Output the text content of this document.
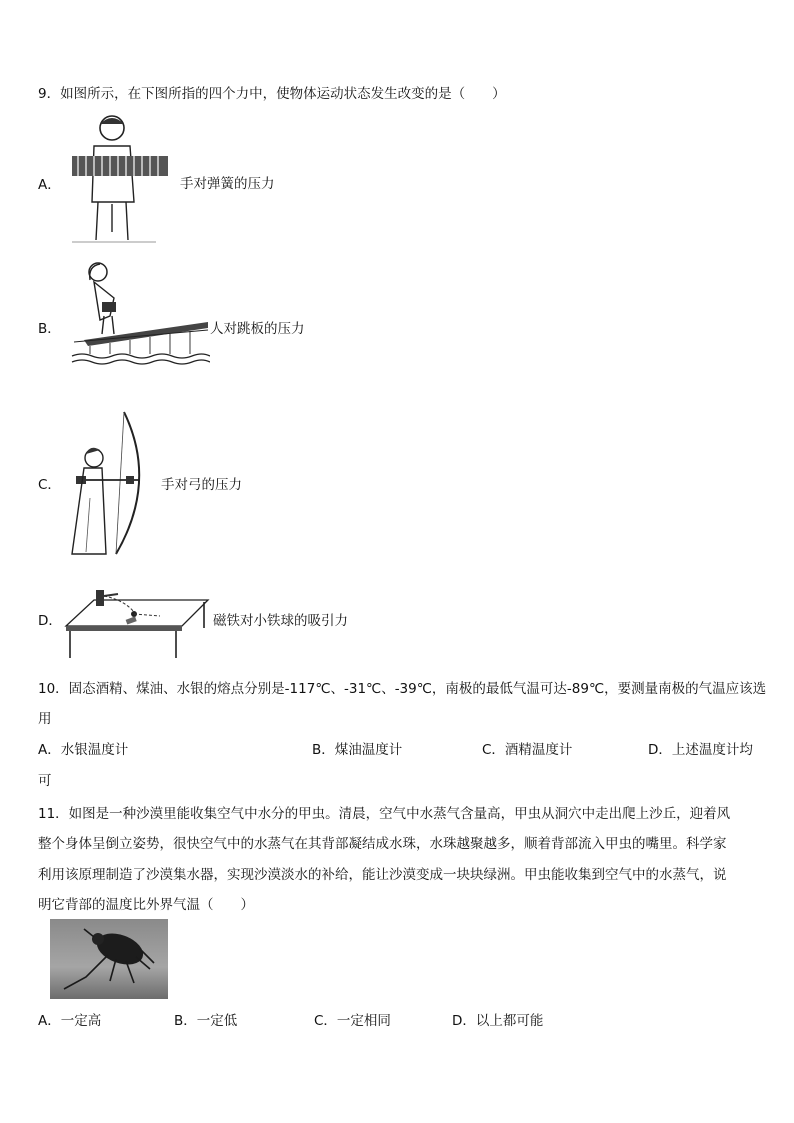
9．如图所示，在下图所指的四个力中，使物体运动状态发生改变的是（　　）
A．	手对弹簧的压力
B．	人对跳板的压力
C．	手对弓的压力
D．	磁铁对小铁球的吸引力
10．固态酒精、煤油、水银的熔点分别是-117℃、-31℃、-39℃，南极的最低气温可达-89℃，要测量南极的气温应该选
用
A．水银温度计	B．煤油温度计	C．酒精温度计	D．上述温度计均
可
11．如图是一种沙漠里能收集空气中水分的甲虫。清晨，空气中水蒸气含量高，甲虫从洞穴中走出爬上沙丘，迎着风
整个身体呈倒立姿势，很快空气中的水蒸气在其背部凝结成水珠，水珠越聚越多，顺着背部流入甲虫的嘴里。科学家
利用该原理制造了沙漠集水器，实现沙漠淡水的补给，能让沙漠变成一块块绿洲。甲虫能收集到空气中的水蒸气，说
明它背部的温度比外界气温（　　）
A．一定高	B．一定低	C．一定相同	D．以上都可能
